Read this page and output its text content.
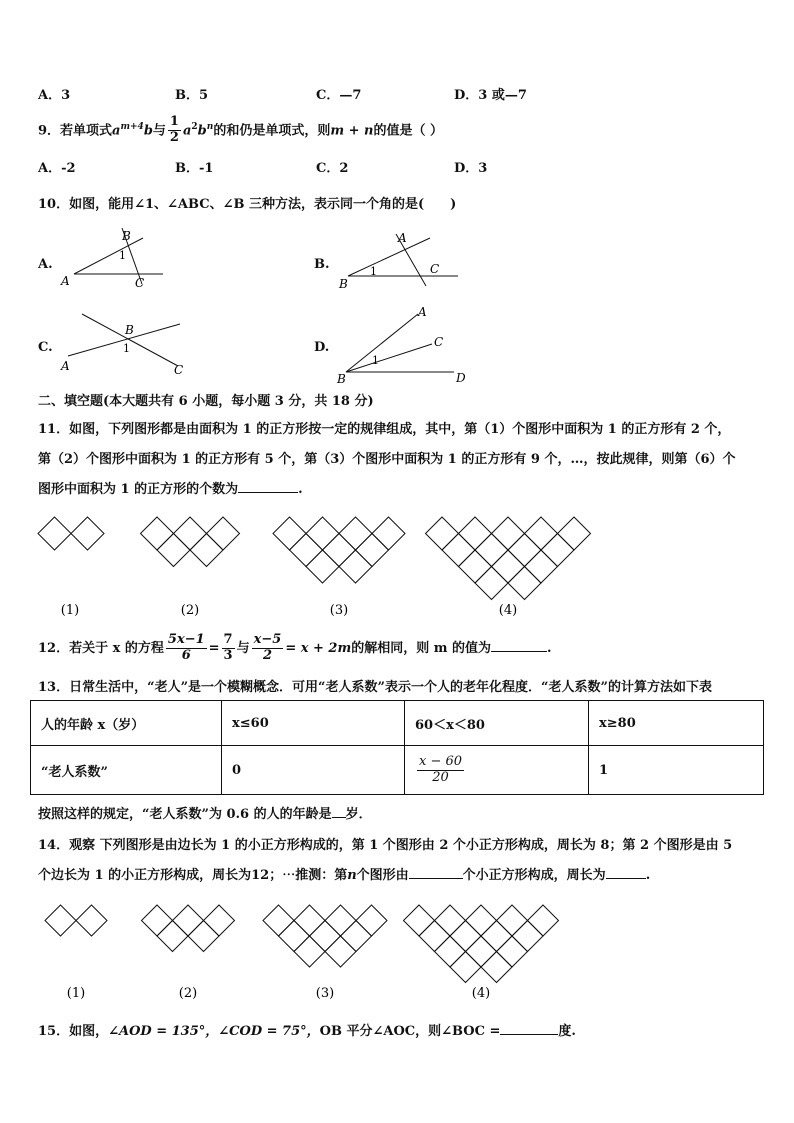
A．3	B．5	C．—7	D．3 或—7
9．若单项式$a^{m+4}b$与 $\frac{1}{2} a^2b^n$的和仍是单项式，则m + n的值是（ ）
A．-2	B．-1	C．2	D．3
10．如图，能用∠1、∠ABC、∠B 三种方法，表示同一个角的是(　　)
A.
A
B
C
1
B.
B
A
C
1
C.
A
B
C
1	D.
B
A
C
D
1
二、填空题(本大题共有 6 小题，每小题 3 分，共 18 分)
11．如图，下列图形都是由面积为 1 的正方形按一定的规律组成，其中，第（1）个图形中面积为 1 的正方形有 2 个，
第（2）个图形中面积为 1 的正方形有 5 个，第（3）个图形中面积为 1 的正方形有 9 个，…，按此规律，则第（6）个
图形中面积为 1 的正方形的个数为	.
(1)	(2)	(3)	(4)
12．若关于 x 的方程 $\frac{5x-1}{6} = \frac{7}{3}$ 与 $\frac{x-5}{2} = x + 2m$的解相同，则 m 的值为	.
13．日常生活中，“老人”是一个模糊概念．可用“老人系数”表示一个人的老年化程度．“老人系数”的计算方法如下表
人的年龄 x（岁）	x≤60	60＜x＜80	x≥80
“老人系数”	0	$\frac{x - 60}{20}$	1
按照这样的规定，“老人系数”为 0.6 的人的年龄是 岁．
14．观察 下列图形是由边长为 1 的小正方形构成的，第 1 个图形由 2 个小正方形构成，周长为 8；第 2 个图形是由 5
个边长为 1 的小正方形构成，周长为12；⋯推测：第n个图形由	个小正方形构成，周长为	.
(1)	(2)	(3)	(4)
15．如图，∠AOD = 135°，∠COD = 75°，OB 平分∠AOC，则∠BOC =	度.
